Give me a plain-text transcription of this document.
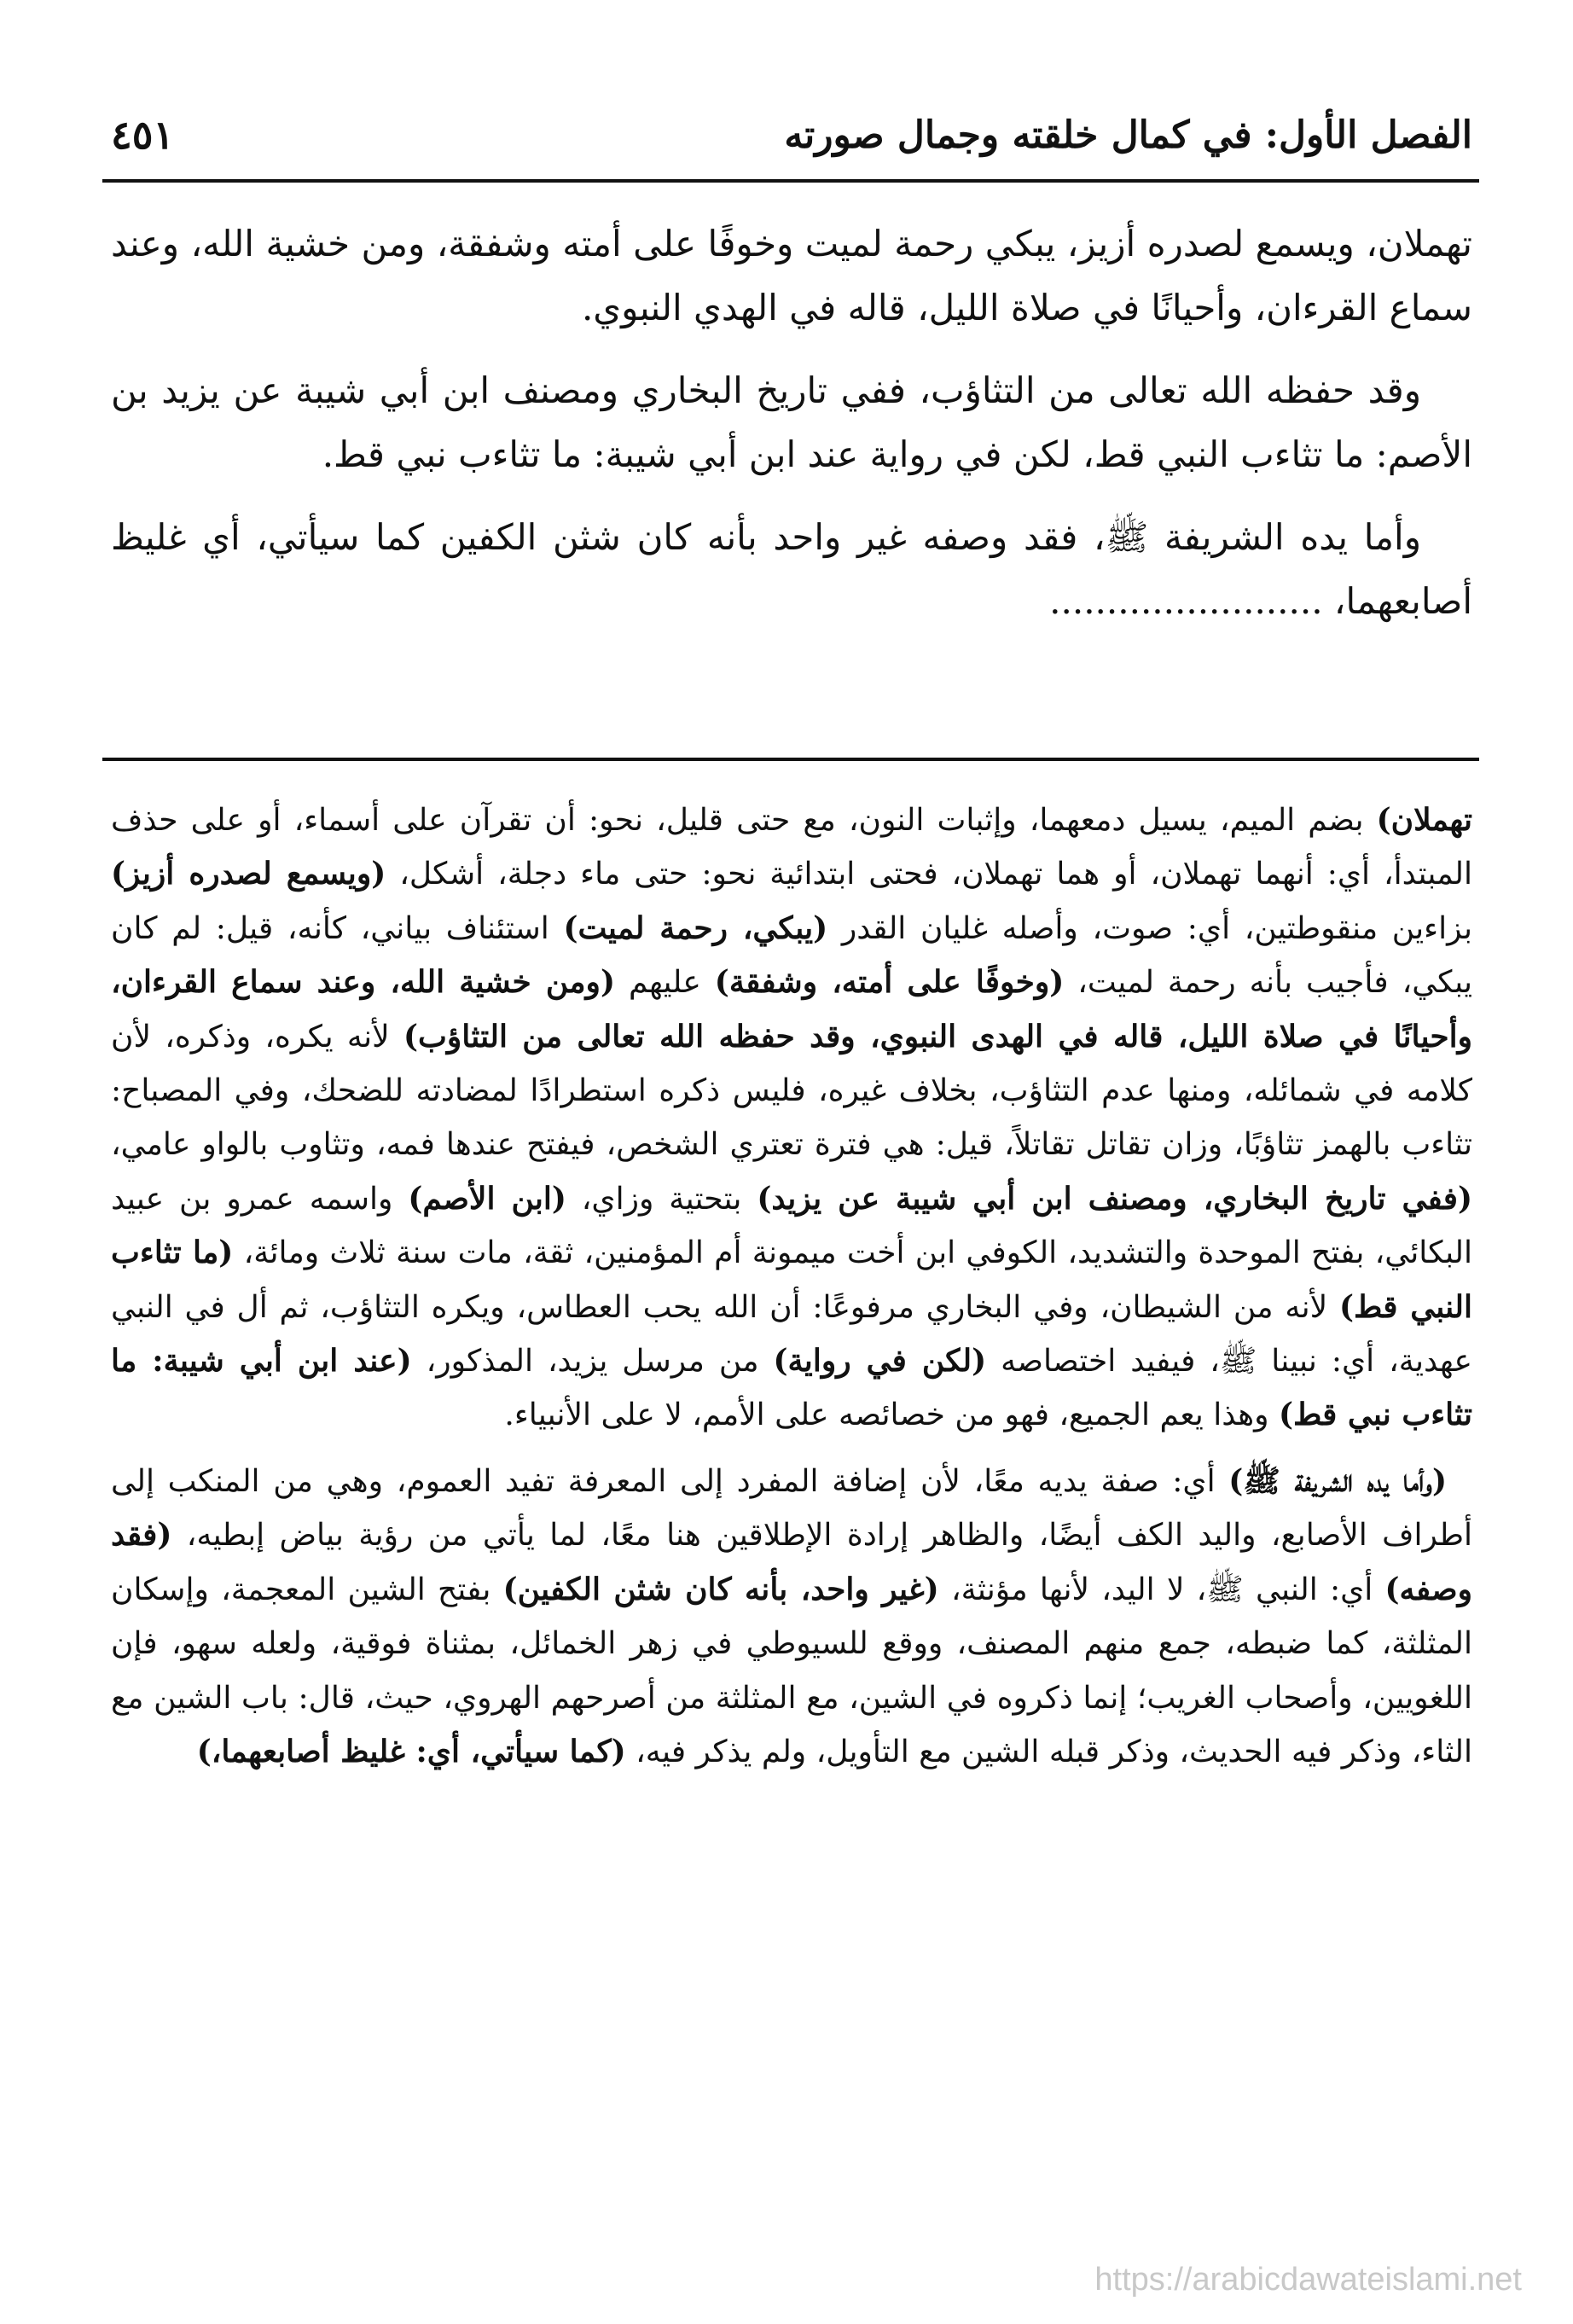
الفصل الأول: في كمال خلقته وجمال صورته
٤٥١

تهملان، ويسمع لصدره أزيز، يبكي رحمة لميت وخوفًا على أمته وشفقة، ومن خشية الله، وعند سماع القرءان، وأحيانًا في صلاة الليل، قاله في الهدي النبوي.

وقد حفظه الله تعالى من التثاؤب، ففي تاريخ البخاري ومصنف ابن أبي شيبة عن يزيد بن الأصم: ما تثاءب النبي قط، لكن في رواية عند ابن أبي شيبة: ما تثاءب نبي قط.

وأما يده الشريفة ﷺ، فقد وصفه غير واحد بأنه كان شثن الكفين كما سيأتي، أي غليظ أصابعهما، ........................

تهملان) بضم الميم، يسيل دمعهما، وإثبات النون، مع حتى قليل، نحو: أن تقرآن على أسماء، أو على حذف المبتدأ، أي: أنهما تهملان، أو هما تهملان، فحتى ابتدائية نحو: حتى ماء دجلة، أشكل، (ويسمع لصدره أزيز) بزاءين منقوطتين، أي: صوت، وأصله غليان القدر (يبكي، رحمة لميت) استئناف بياني، كأنه، قيل: لم كان يبكي، فأجيب بأنه رحمة لميت، (وخوفًا على أمته، وشفقة) عليهم (ومن خشية الله، وعند سماع القرءان، وأحيانًا في صلاة الليل، قاله في الهدى النبوي، وقد حفظه الله تعالى من التثاؤب) لأنه يكره، وذكره، لأن كلامه في شمائله، ومنها عدم التثاؤب، بخلاف غيره، فليس ذكره استطرادًا لمضادته للضحك، وفي المصباح: تثاءب بالهمز تثاؤبًا، وزان تقاتل تقاتلاً، قيل: هي فترة تعتري الشخص، فيفتح عندها فمه، وتثاوب بالواو عامي، (ففي تاريخ البخاري، ومصنف ابن أبي شيبة عن يزيد) بتحتية وزاي، (ابن الأصم) واسمه عمرو بن عبيد البكائي، بفتح الموحدة والتشديد، الكوفي ابن أخت ميمونة أم المؤمنين، ثقة، مات سنة ثلاث ومائة، (ما تثاءب النبي قط) لأنه من الشيطان، وفي البخاري مرفوعًا: أن الله يحب العطاس، ويكره التثاؤب، ثم أل في النبي عهدية، أي: نبينا ﷺ، فيفيد اختصاصه (لكن في رواية) من مرسل يزيد، المذكور، (عند ابن أبي شيبة: ما تثاءب نبي قط) وهذا يعم الجميع، فهو من خصائصه على الأمم، لا على الأنبياء.

(وأما يده الشريفة ﷺ) أي: صفة يديه معًا، لأن إضافة المفرد إلى المعرفة تفيد العموم، وهي من المنكب إلى أطراف الأصابع، واليد الكف أيضًا، والظاهر إرادة الإطلاقين هنا معًا، لما يأتي من رؤية بياض إبطيه، (فقد وصفه) أي: النبي ﷺ، لا اليد، لأنها مؤنثة، (غير واحد، بأنه كان شثن الكفين) بفتح الشين المعجمة، وإسكان المثلثة، كما ضبطه، جمع منهم المصنف، ووقع للسيوطي في زهر الخمائل، بمثناة فوقية، ولعله سهو، فإن اللغويين، وأصحاب الغريب؛ إنما ذكروه في الشين، مع المثلثة من أصرحهم الهروي، حيث، قال: باب الشين مع الثاء، وذكر فيه الحديث، وذكر قبله الشين مع التأويل، ولم يذكر فيه، (كما سيأتي، أي: غليظ أصابعهما،)

https://arabicdawateislami.net
